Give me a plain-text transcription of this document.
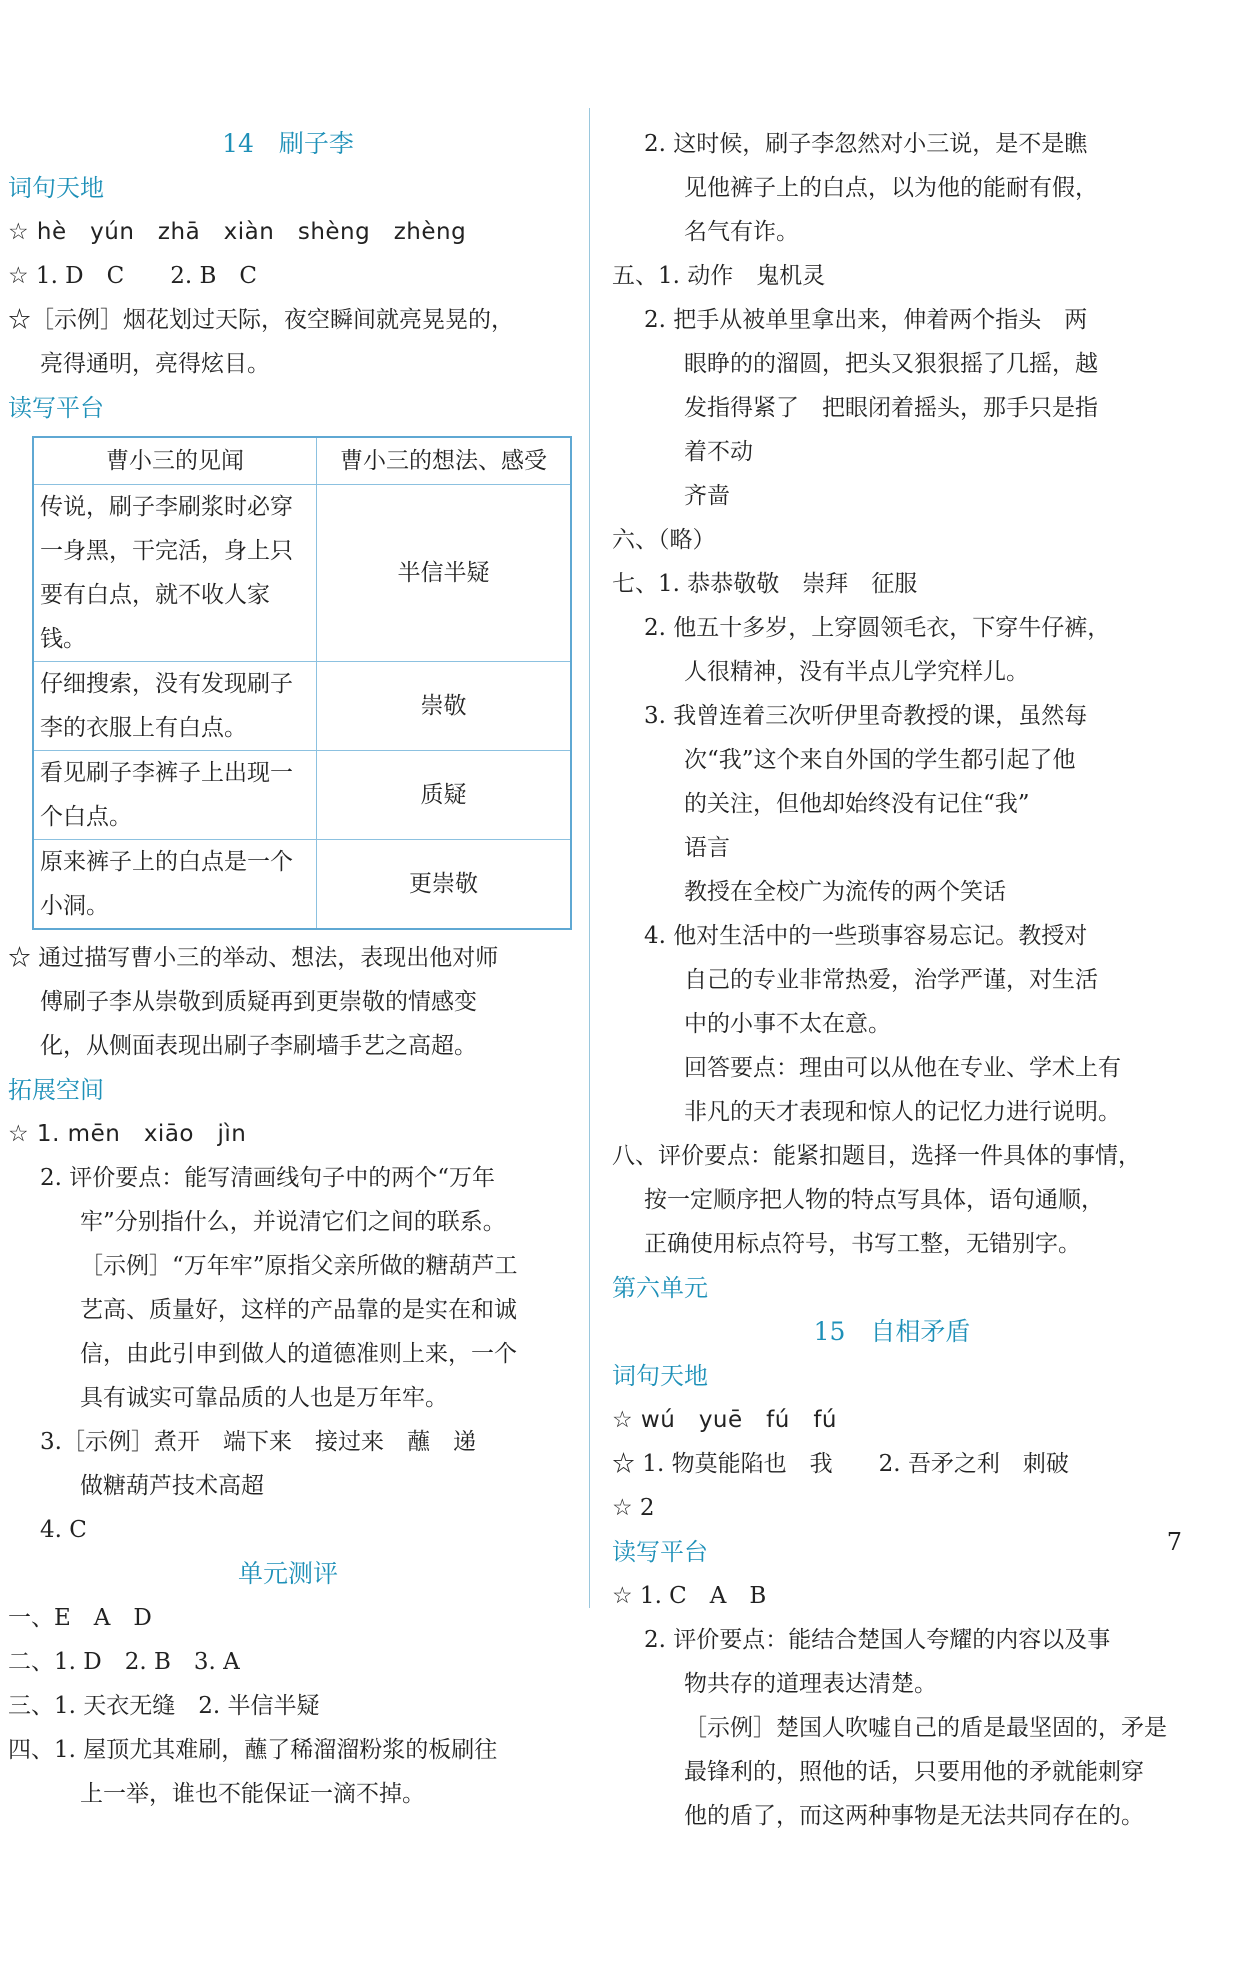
14　刷子李
词句天地
☆ hè　yún　zhā　xiàn　shèng　zhèng
☆ 1. D　C　　2. B　C
☆［示例］烟花划过天际，夜空瞬间就亮晃晃的，
亮得通明，亮得炫目。
读写平台
曹小三的见闻	曹小三的想法、感受
传说，刷子李刷浆时必穿一身黑，干完活，身上只要有白点，就不收人家钱。	半信半疑
仔细搜索，没有发现刷子李的衣服上有白点。	崇敬
看见刷子李裤子上出现一个白点。	质疑
原来裤子上的白点是一个小洞。	更崇敬
☆ 通过描写曹小三的举动、想法，表现出他对师
傅刷子李从崇敬到质疑再到更崇敬的情感变
化，从侧面表现出刷子李刷墙手艺之高超。
拓展空间
☆ 1. mēn　xiāo　jìn
2. 评价要点：能写清画线句子中的两个“万年
牢”分别指什么，并说清它们之间的联系。
［示例］“万年牢”原指父亲所做的糖葫芦工
艺高、质量好，这样的产品靠的是实在和诚
信，由此引申到做人的道德准则上来，一个
具有诚实可靠品质的人也是万年牢。
3.［示例］煮开　端下来　接过来　蘸　递
做糖葫芦技术高超
4. C
单元测评
一、E　A　D
二、1. D　2. B　3. A
三、1. 天衣无缝　2. 半信半疑
四、1. 屋顶尤其难刷，蘸了稀溜溜粉浆的板刷往
上一举，谁也不能保证一滴不掉。
2. 这时候，刷子李忽然对小三说，是不是瞧
见他裤子上的白点，以为他的能耐有假，
名气有诈。
五、1. 动作　鬼机灵
2. 把手从被单里拿出来，伸着两个指头　两
眼睁的的溜圆，把头又狠狠摇了几摇，越
发指得紧了　把眼闭着摇头，那手只是指
着不动
齐啬
六、（略）
七、1. 恭恭敬敬　崇拜　征服
2. 他五十多岁，上穿圆领毛衣，下穿牛仔裤，
人很精神，没有半点儿学究样儿。
3. 我曾连着三次听伊里奇教授的课，虽然每
次“我”这个来自外国的学生都引起了他
的关注，但他却始终没有记住“我”
语言
教授在全校广为流传的两个笑话
4. 他对生活中的一些琐事容易忘记。教授对
自己的专业非常热爱，治学严谨，对生活
中的小事不太在意。
回答要点：理由可以从他在专业、学术上有
非凡的天才表现和惊人的记忆力进行说明。
八、评价要点：能紧扣题目，选择一件具体的事情，
按一定顺序把人物的特点写具体，语句通顺，
正确使用标点符号，书写工整，无错别字。
第六单元
15　自相矛盾
词句天地
☆ wú　yuē　fú　fú
☆ 1. 物莫能陷也　我　　2. 吾矛之利　刺破
☆ 2
读写平台
☆ 1. C　A　B
2. 评价要点：能结合楚国人夸耀的内容以及事
物共存的道理表达清楚。
［示例］楚国人吹嘘自己的盾是最坚固的，矛是
最锋利的，照他的话，只要用他的矛就能刺穿
他的盾了，而这两种事物是无法共同存在的。
7
